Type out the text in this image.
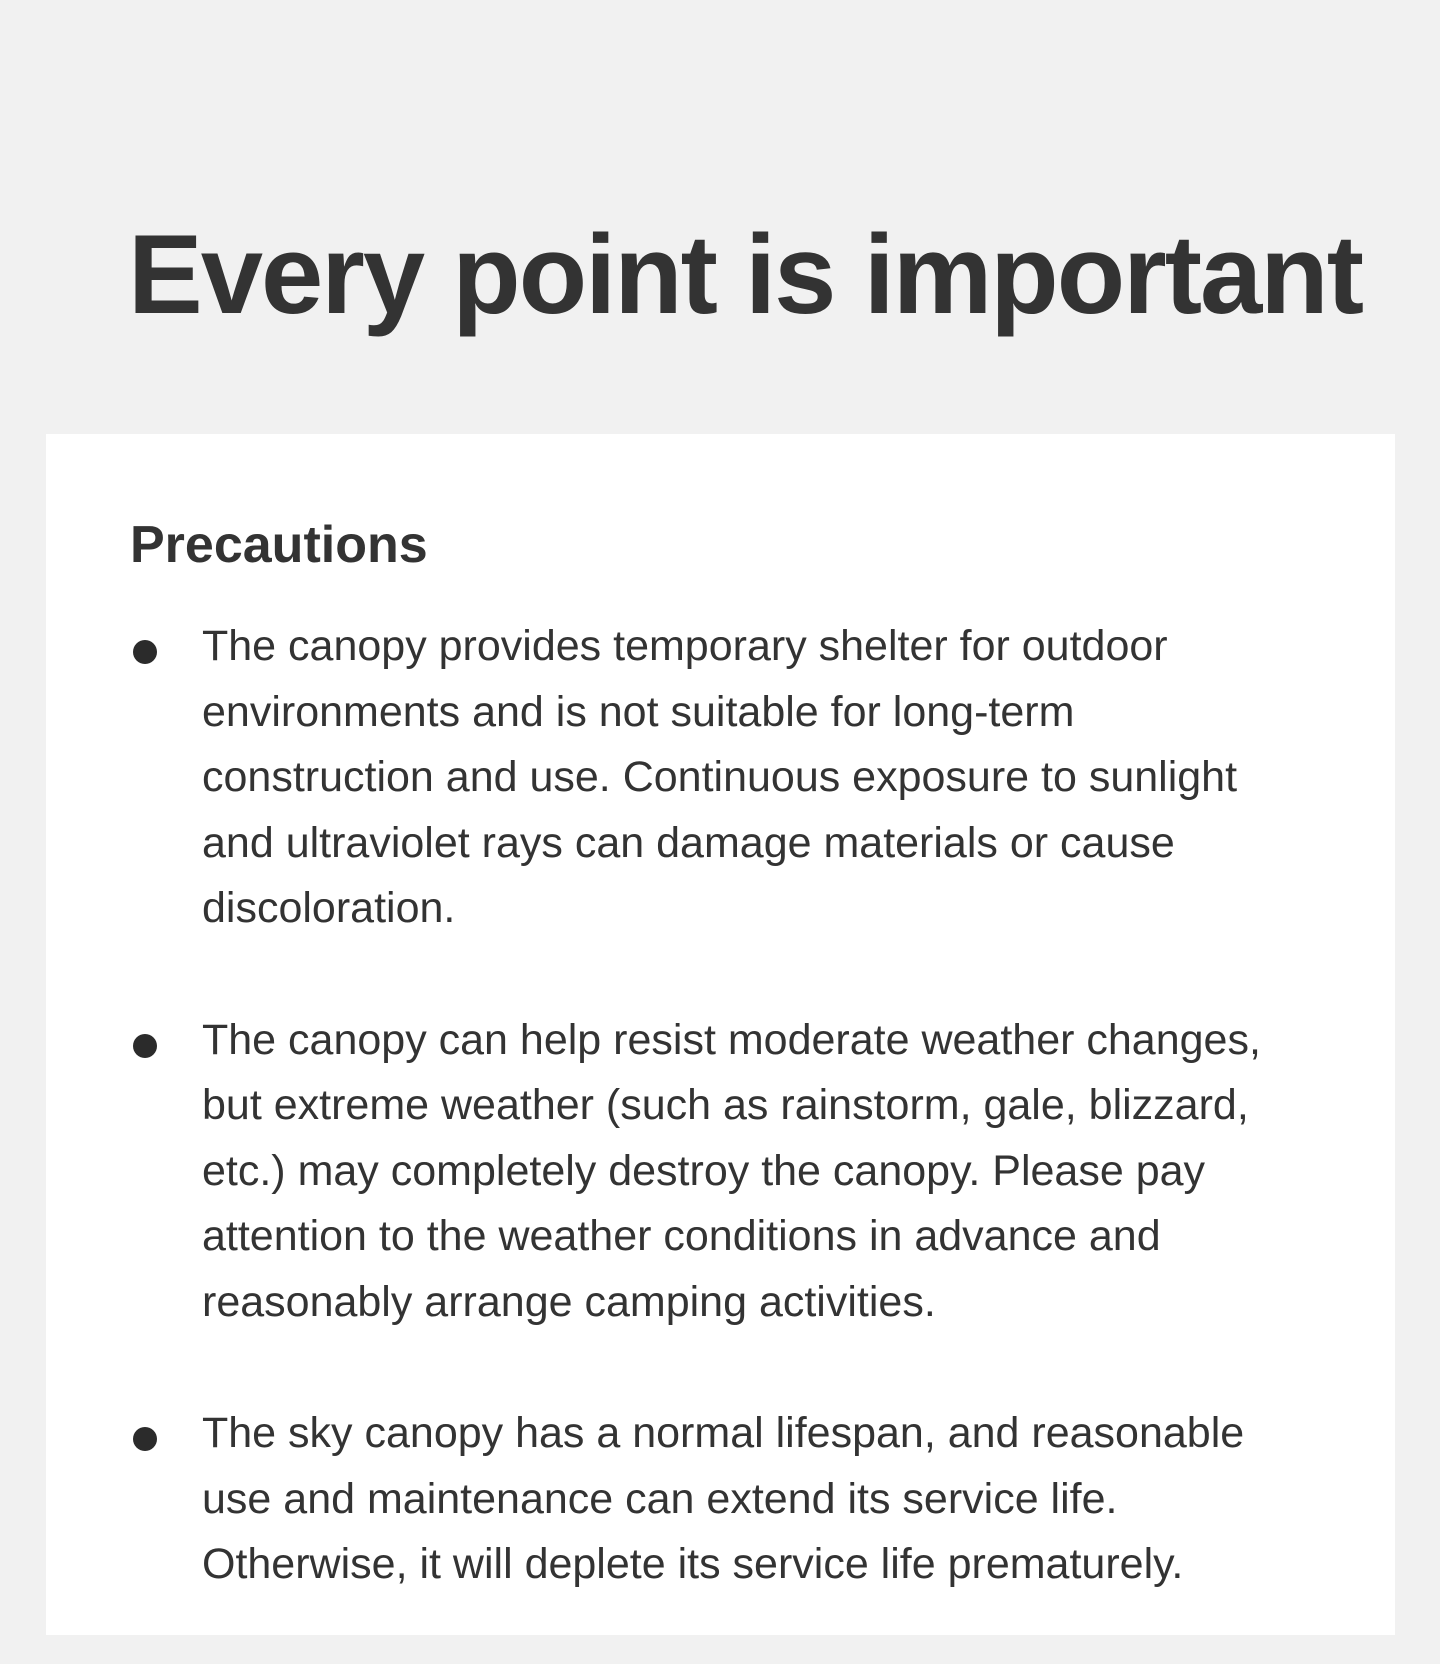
Every point is important
Precautions
The canopy provides temporary shelter for outdoor environments and is not suitable for long-term construction and use. Continuous exposure to sunlight and ultraviolet rays can damage materials or cause discoloration.
The canopy can help resist moderate weather changes, but extreme weather (such as rainstorm, gale, blizzard, etc.) may completely destroy the canopy. Please pay attention to the weather conditions in advance and reasonably arrange camping activities.
The sky canopy has a normal lifespan, and reasonable use and maintenance can extend its service life. Otherwise, it will deplete its service life prematurely.
